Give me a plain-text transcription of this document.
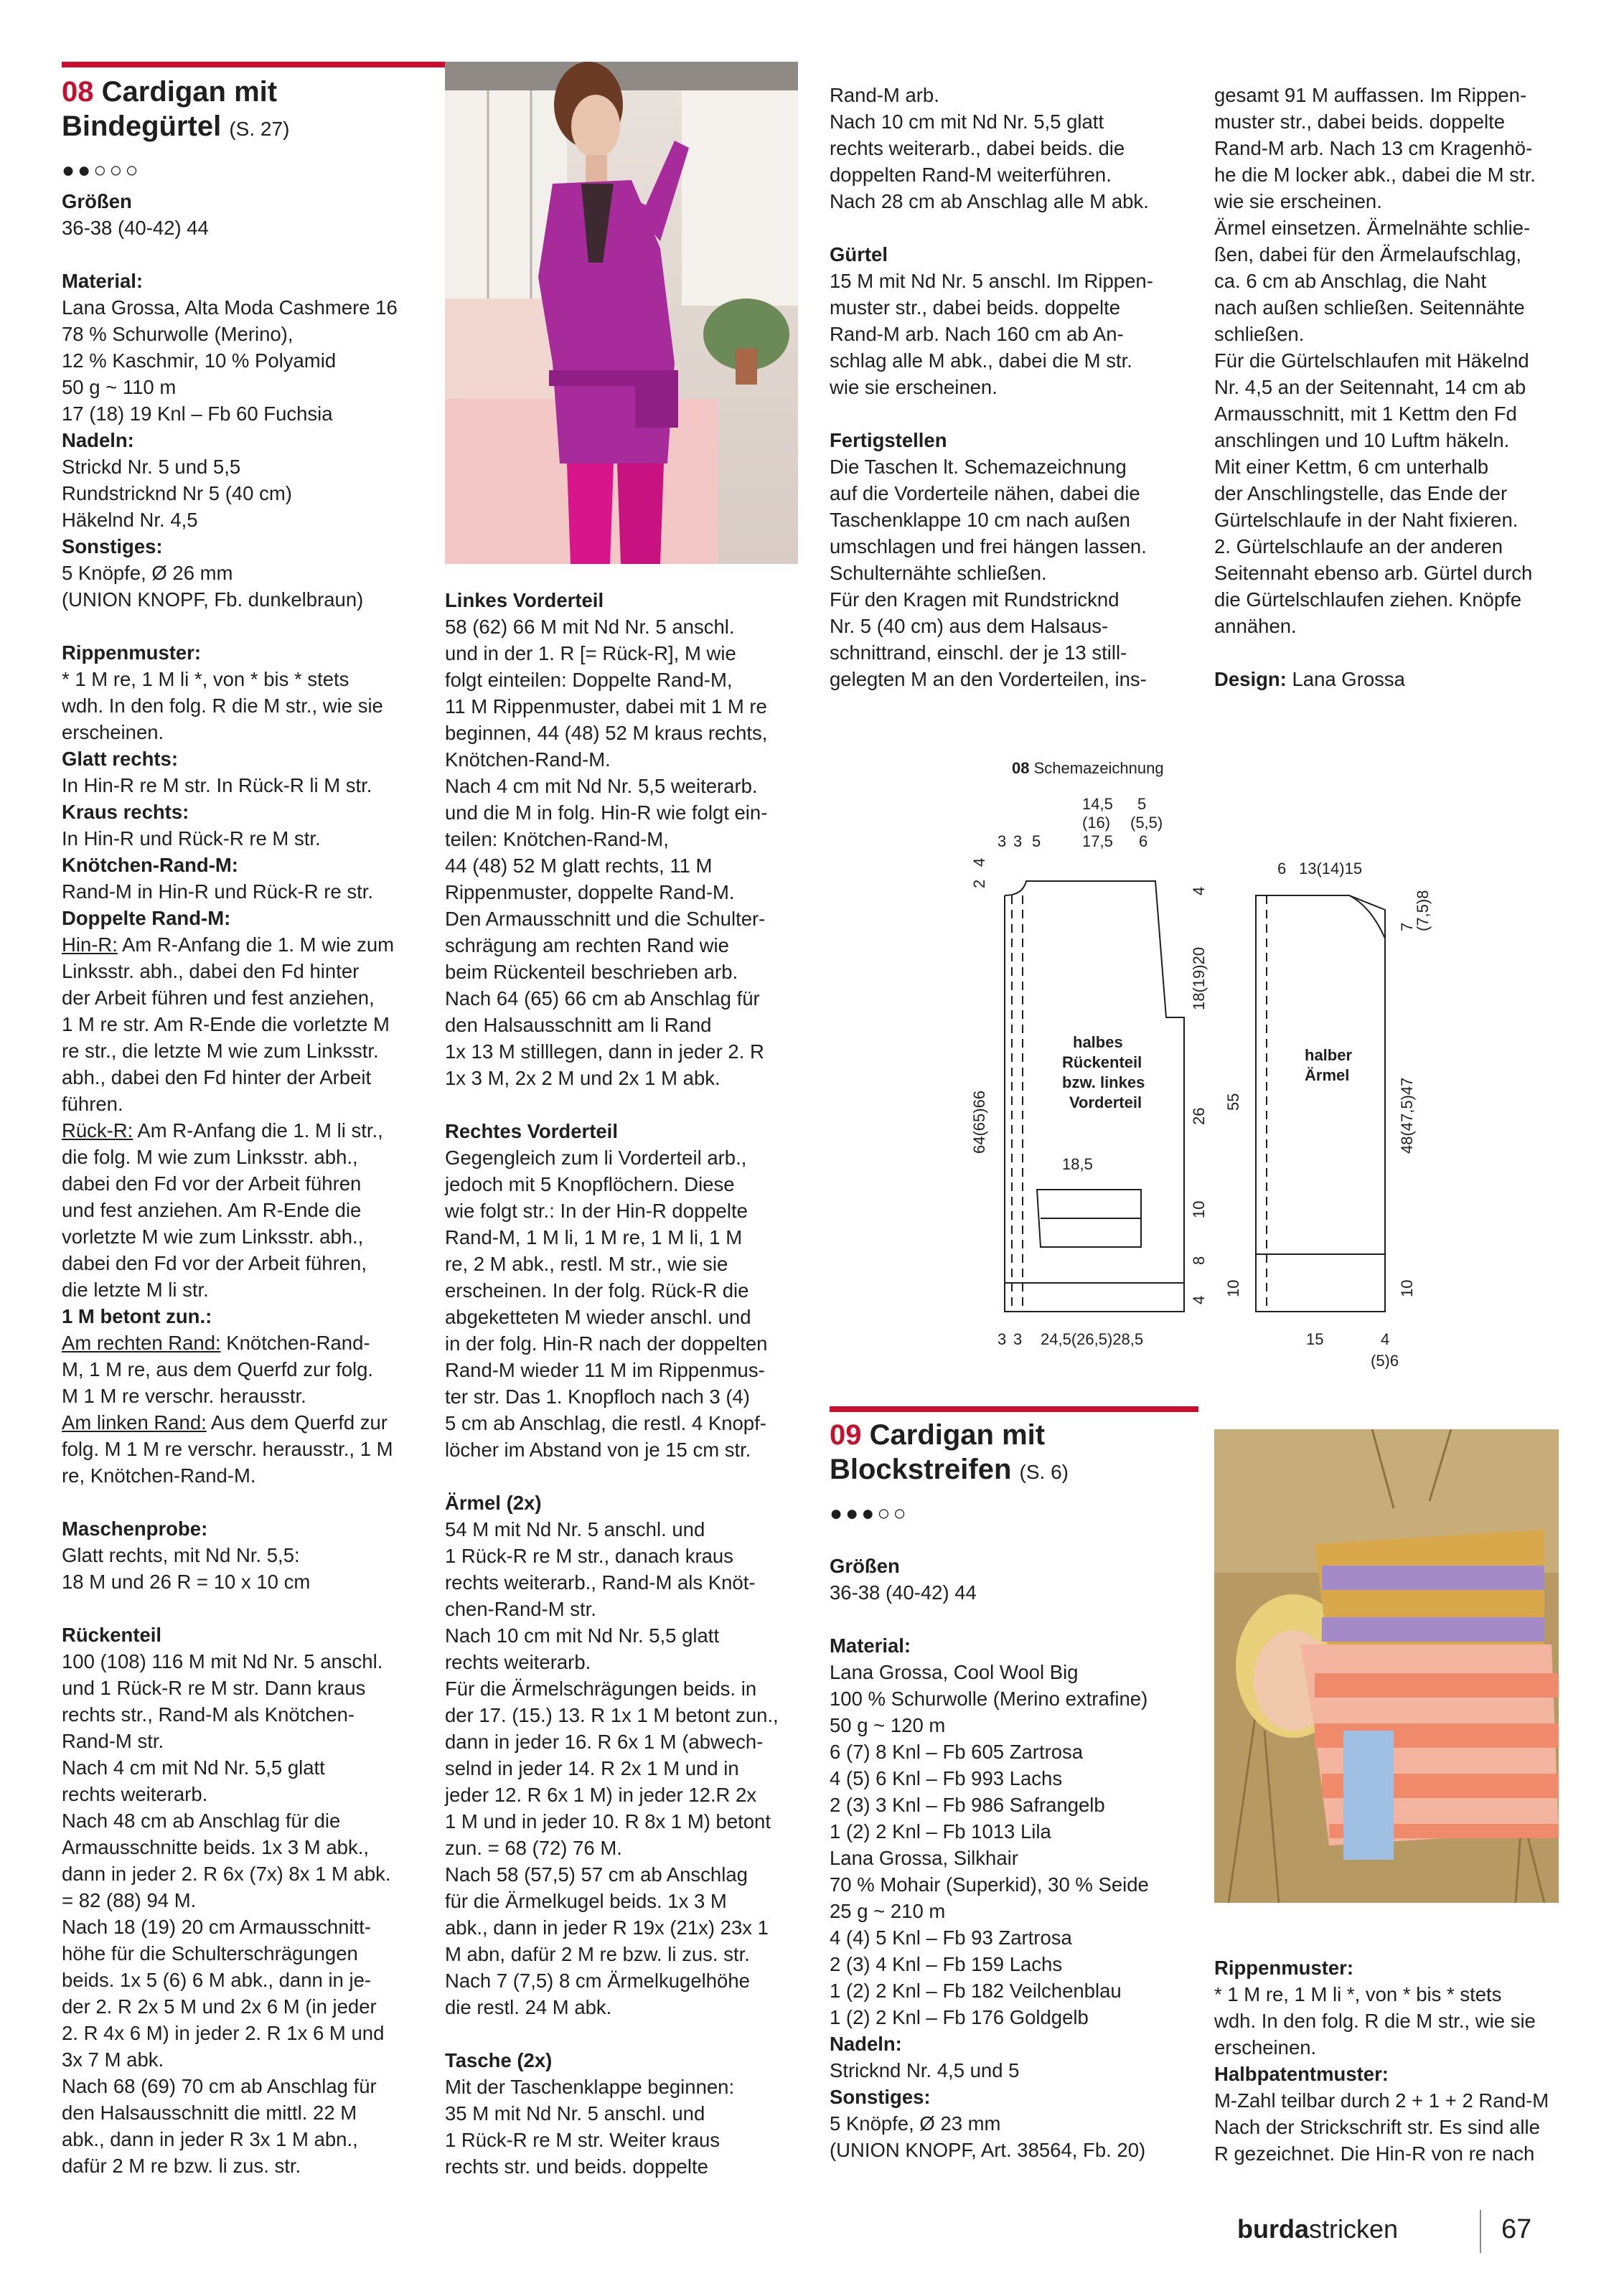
08 Cardigan mit
Bindegürtel (S. 27)
●●○○○

Größen

36-38 (40-42) 44

Material:

Lana Grossa, Alta Moda Cashmere 16

78 % Schurwolle (Merino),

12 % Kaschmir, 10 % Polyamid

50 g ~ 110 m

17 (18) 19 Knl – Fb 60 Fuchsia

Nadeln:

Strickd Nr. 5 und 5,5

Rundstricknd Nr 5 (40 cm)

Häkelnd Nr. 4,5

Sonstiges:

5 Knöpfe, Ø 26 mm

(UNION KNOPF, Fb. dunkelbraun)

Rippenmuster:

* 1 M re, 1 M li *, von * bis * stets

wdh. In den folg. R die M str., wie sie

erscheinen.

Glatt rechts:

In Hin-R re M str. In Rück-R li M str.

Kraus rechts:

In Hin-R und Rück-R re M str.

Knötchen-Rand-M:

Rand-M in Hin-R und Rück-R re str.

Doppelte Rand-M:

Hin-R: Am R-Anfang die 1. M wie zum

Linksstr. abh., dabei den Fd hinter

der Arbeit führen und fest anziehen,

1 M re str. Am R-Ende die vorletzte M

re str., die letzte M wie zum Linksstr.

abh., dabei den Fd hinter der Arbeit

führen.

Rück-R: Am R-Anfang die 1. M li str.,

die folg. M wie zum Linksstr. abh.,

dabei den Fd vor der Arbeit führen

und fest anziehen. Am R-Ende die

vorletzte M wie zum Linksstr. abh.,

dabei den Fd vor der Arbeit führen,

die letzte M li str.

1 M betont zun.:

Am rechten Rand: Knötchen-Rand-

M, 1 M re, aus dem Querfd zur folg.

M 1 M re verschr. herausstr.

Am linken Rand: Aus dem Querfd zur

folg. M 1 M re verschr. herausstr., 1 M

re, Knötchen-Rand-M.

Maschenprobe:

Glatt rechts, mit Nd Nr. 5,5:

18 M und 26 R = 10 x 10 cm

Rückenteil

100 (108) 116 M mit Nd Nr. 5 anschl.

und 1 Rück-R re M str. Dann kraus

rechts str., Rand-M als Knötchen-

Rand-M str.

Nach 4 cm mit Nd Nr. 5,5 glatt

rechts weiterarb.

Nach 48 cm ab Anschlag für die

Armausschnitte beids. 1x 3 M abk.,

dann in jeder 2. R 6x (7x) 8x 1 M abk.

= 82 (88) 94 M.

Nach 18 (19) 20 cm Armausschnitt-

höhe für die Schulterschrägungen

beids. 1x 5 (6) 6 M abk., dann in je-

der 2. R 2x 5 M und 2x 6 M (in jeder

2. R 4x 6 M) in jeder 2. R 1x 6 M und

3x 7 M abk.

Nach 68 (69) 70 cm ab Anschlag für

den Halsausschnitt die mittl. 22 M

abk., dann in jeder R 3x 1 M abn.,

dafür 2 M re bzw. li zus. str.

Linkes Vorderteil

58 (62) 66 M mit Nd Nr. 5 anschl.

und in der 1. R [= Rück-R], M wie

folgt einteilen: Doppelte Rand-M,

11 M Rippenmuster, dabei mit 1 M re

beginnen, 44 (48) 52 M kraus rechts,

Knötchen-Rand-M.

Nach 4 cm mit Nd Nr. 5,5 weiterarb.

und die M in folg. Hin-R wie folgt ein-

teilen: Knötchen-Rand-M,

44 (48) 52 M glatt rechts, 11 M

Rippenmuster, doppelte Rand-M.

Den Armausschnitt und die Schulter-

schrägung am rechten Rand wie

beim Rückenteil beschrieben arb.

Nach 64 (65) 66 cm ab Anschlag für

den Halsausschnitt am li Rand

1x 13 M stilllegen, dann in jeder 2. R

1x 3 M, 2x 2 M und 2x 1 M abk.

Rechtes Vorderteil

Gegengleich zum li Vorderteil arb.,

jedoch mit 5 Knopflöchern. Diese

wie folgt str.: In der Hin-R doppelte

Rand-M, 1 M li, 1 M re, 1 M li, 1 M

re, 2 M abk., restl. M str., wie sie

erscheinen. In der folg. Rück-R die

abgeketteten M wieder anschl. und

in der folg. Hin-R nach der doppelten

Rand-M wieder 11 M im Rippenmus-

ter str. Das 1. Knopfloch nach 3 (4)

5 cm ab Anschlag, die restl. 4 Knopf-

löcher im Abstand von je 15 cm str.

Ärmel (2x)

54 M mit Nd Nr. 5 anschl. und

1 Rück-R re M str., danach kraus

rechts weiterarb., Rand-M als Knöt-

chen-Rand-M str.

Nach 10 cm mit Nd Nr. 5,5 glatt

rechts weiterarb.

Für die Ärmelschrägungen beids. in

der 17. (15.) 13. R 1x 1 M betont zun.,

dann in jeder 16. R 6x 1 M (abwech-

selnd in jeder 14. R 2x 1 M und in

jeder 12. R 6x 1 M) in jeder 12.R 2x

1 M und in jeder 10. R 8x 1 M) betont

zun. = 68 (72) 76 M.

Nach 58 (57,5) 57 cm ab Anschlag

für die Ärmelkugel beids. 1x 3 M

abk., dann in jeder R 19x (21x) 23x 1

M abn, dafür 2 M re bzw. li zus. str.

Nach 7 (7,5) 8 cm Ärmelkugelhöhe

die restl. 24 M abk.

Tasche (2x)

Mit der Taschenklappe beginnen:

35 M mit Nd Nr. 5 anschl. und

1 Rück-R re M str. Weiter kraus

rechts str. und beids. doppelte

Rand-M arb.

Nach 10 cm mit Nd Nr. 5,5 glatt

rechts weiterarb., dabei beids. die

doppelten Rand-M weiterführen.

Nach 28 cm ab Anschlag alle M abk.

Gürtel

15 M mit Nd Nr. 5 anschl. Im Rippen-

muster str., dabei beids. doppelte

Rand-M arb. Nach 160 cm ab An-

schlag alle M abk., dabei die M str.

wie sie erscheinen.

Fertigstellen

Die Taschen lt. Schemazeichnung

auf die Vorderteile nähen, dabei die

Taschenklappe 10 cm nach außen

umschlagen und frei hängen lassen.

Schulternähte schließen.

Für den Kragen mit Rundstricknd

Nr. 5 (40 cm) aus dem Halsaus-

schnittrand, einschl. der je 13 still-

gelegten M an den Vorderteilen, ins-

gesamt 91 M auffassen. Im Rippen-

muster str., dabei beids. doppelte

Rand-M arb. Nach 13 cm Kragenhö-

he die M locker abk., dabei die M str.

wie sie erscheinen.

Ärmel einsetzen. Ärmelnähte schlie-

ßen, dabei für den Ärmelaufschlag,

ca. 6 cm ab Anschlag, die Naht

nach außen schließen. Seitennähte

schließen.

Für die Gürtelschlaufen mit Häkelnd

Nr. 4,5 an der Seitennaht, 14 cm ab

Armausschnitt, mit 1 Kettm den Fd

anschlingen und 10 Luftm häkeln.

Mit einer Kettm, 6 cm unterhalb

der Anschlingstelle, das Ende der

Gürtelschlaufe in der Naht fixieren.

2. Gürtelschlaufe an der anderen

Seitennaht ebenso arb. Gürtel durch

die Gürtelschlaufen ziehen. Knöpfe

annähen.

Design: Lana Grossa

08 Schemazeichnung
halbes
Rückenteil
bzw. linkes
Vorderteil
14,5
(16)
17,5
5
(5,5)
6
3 3 5
2
4
64(65)66
4
18(19)20
26
10
8
4
18,5
3 3 24,5(26,5)28,5
halber
Ärmel
6 13(14)15
7
(7,5)8
55	48(47,5)47
10	10
15	4
(5)6
09 Cardigan mit
Blockstreifen (S. 6)
●●●○○

Größen

36-38 (40-42) 44

Material:

Lana Grossa, Cool Wool Big

100 % Schurwolle (Merino extrafine)

50 g ~ 120 m

6 (7) 8 Knl – Fb 605 Zartrosa

4 (5) 6 Knl – Fb 993 Lachs

2 (3) 3 Knl – Fb 986 Safrangelb

1 (2) 2 Knl – Fb 1013 Lila

Lana Grossa, Silkhair

70 % Mohair (Superkid), 30 % Seide

25 g ~ 210 m

4 (4) 5 Knl – Fb 93 Zartrosa

2 (3) 4 Knl – Fb 159 Lachs

1 (2) 2 Knl – Fb 182 Veilchenblau

1 (2) 2 Knl – Fb 176 Goldgelb

Nadeln:

Stricknd Nr. 4,5 und 5

Sonstiges:

5 Knöpfe, Ø 23 mm

(UNION KNOPF, Art. 38564, Fb. 20)

Rippenmuster:

* 1 M re, 1 M li *, von * bis * stets

wdh. In den folg. R die M str., wie sie

erscheinen.

Halbpatentmuster:

M-Zahl teilbar durch 2 + 1 + 2 Rand-M

Nach der Strickschrift str. Es sind alle

R gezeichnet. Die Hin-R von re nach

burdastricken	67
